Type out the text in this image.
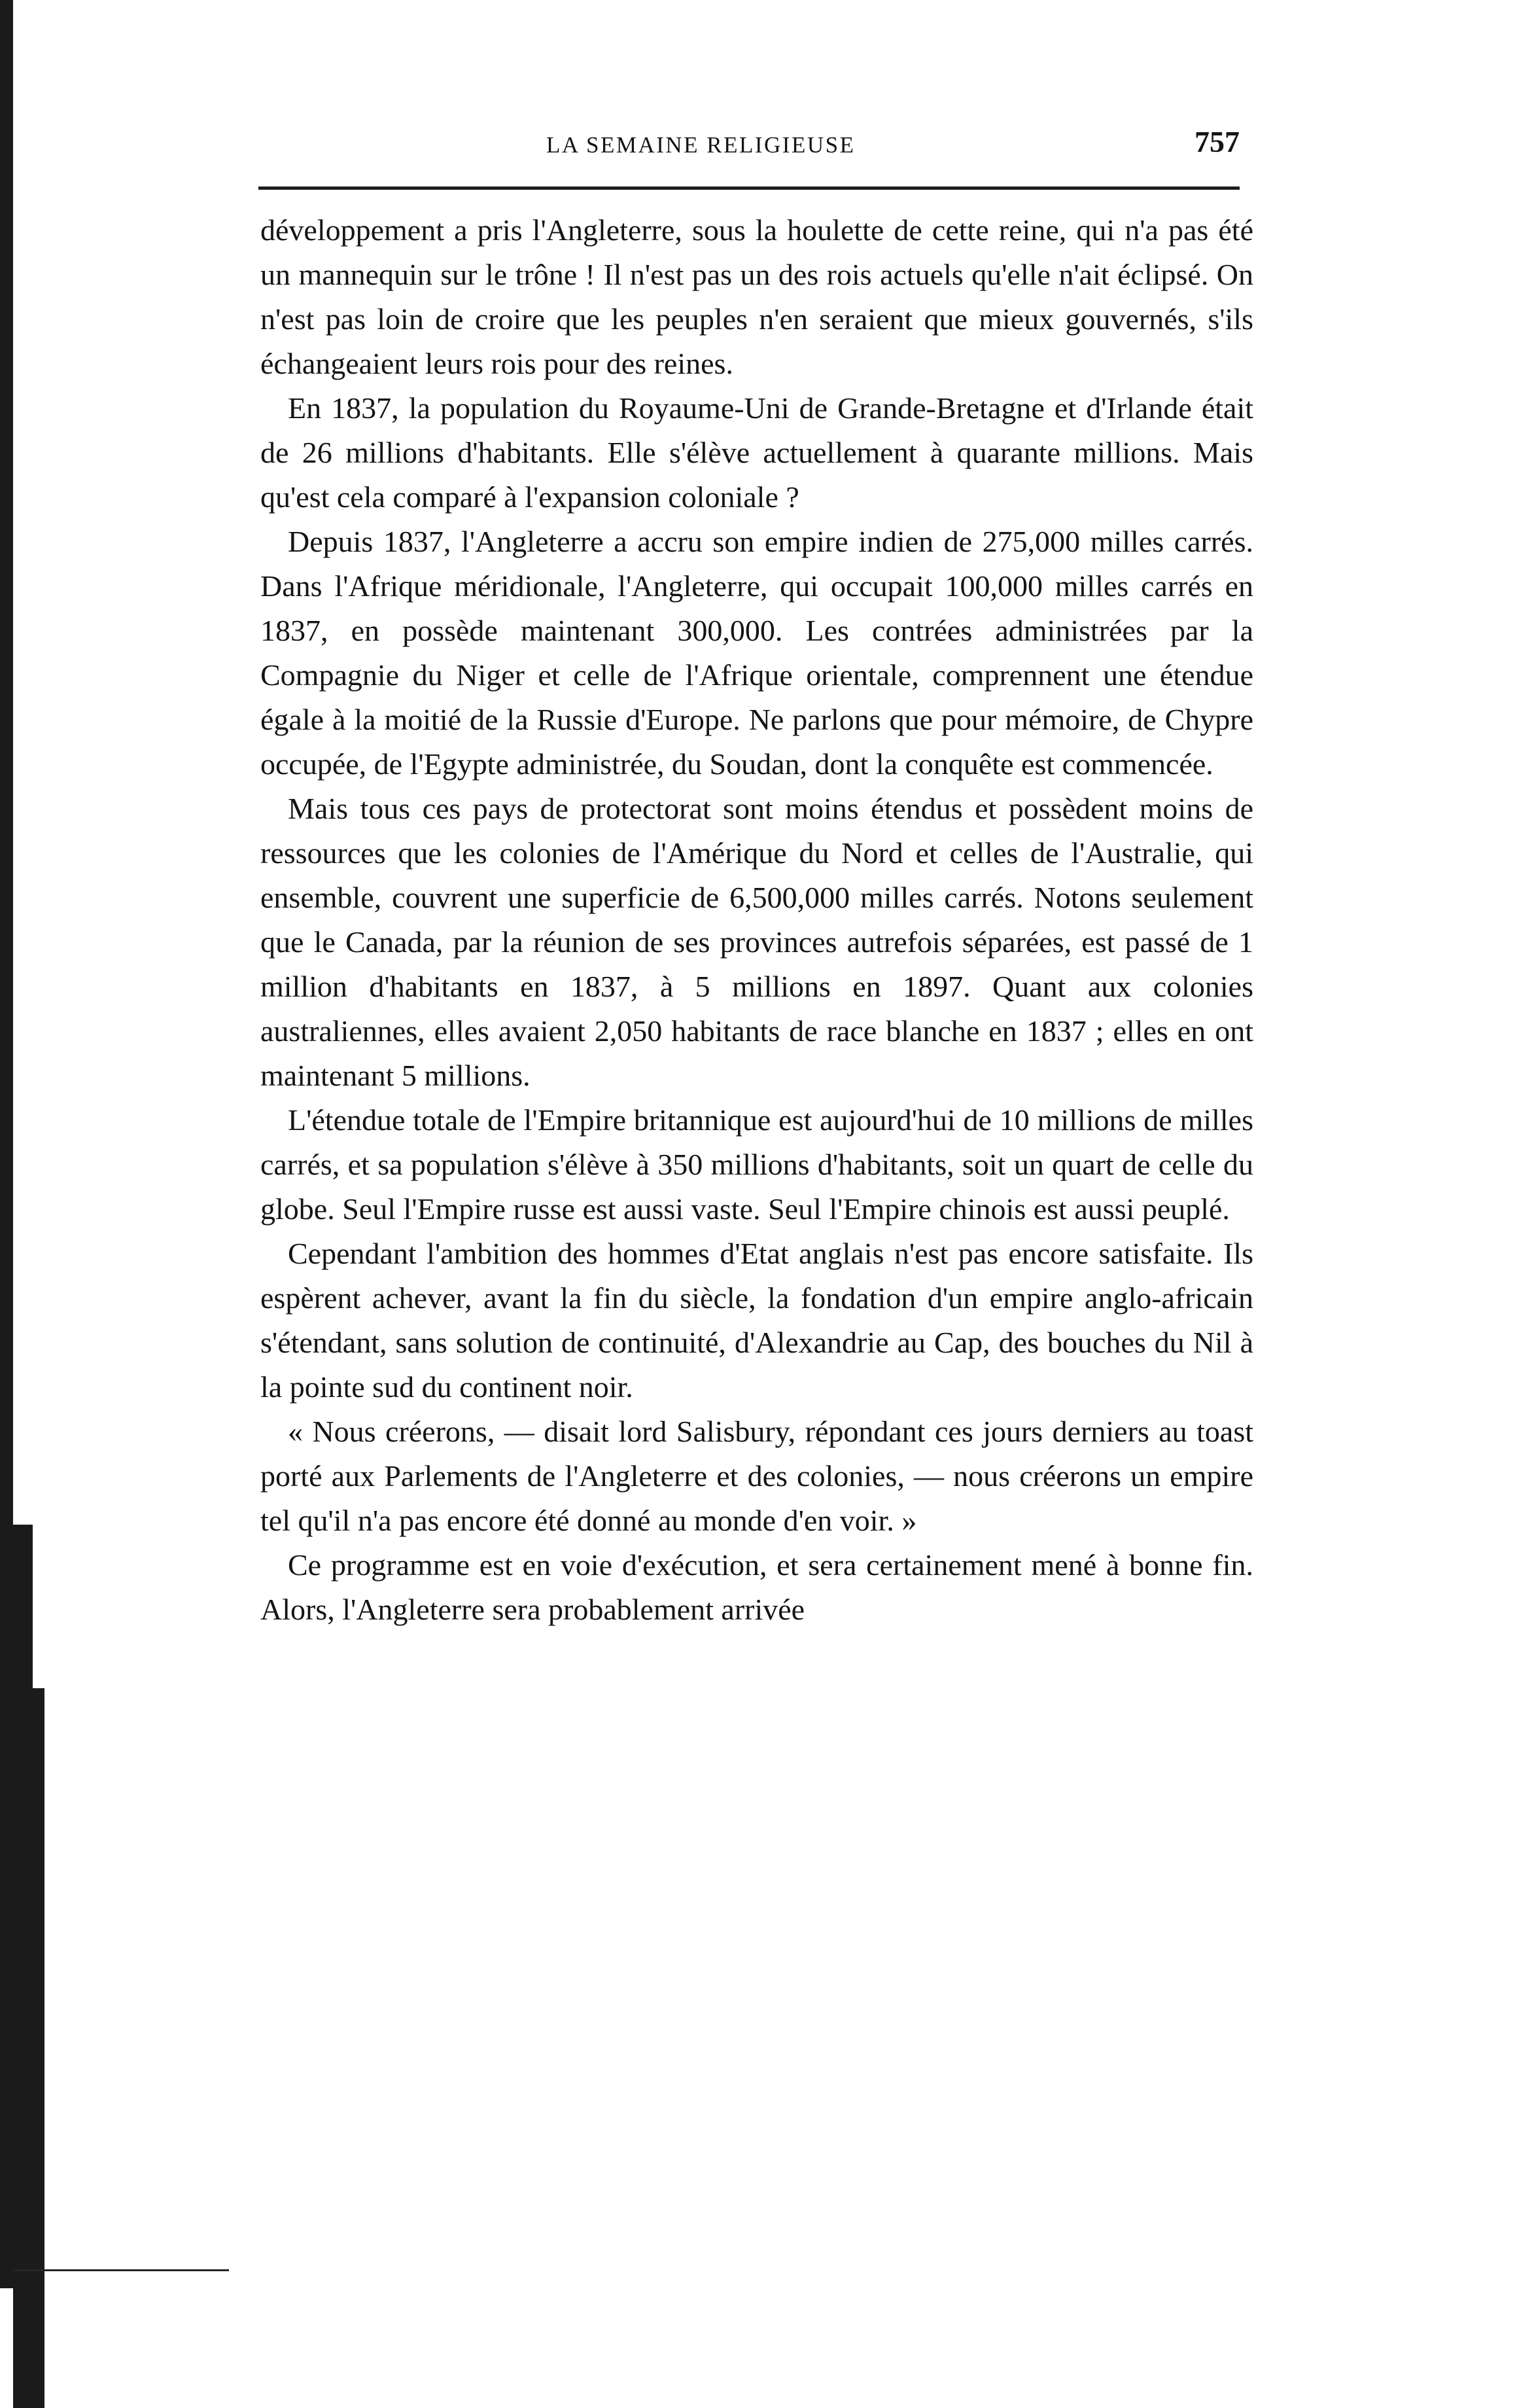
LA SEMAINE RELIGIEUSE	757

développement a pris l'Angleterre, sous la houlette de cette reine, qui n'a pas été un mannequin sur le trône ! Il n'est pas un des rois actuels qu'elle n'ait éclipsé. On n'est pas loin de croire que les peuples n'en seraient que mieux gouvernés, s'ils échangeaient leurs rois pour des reines.

En 1837, la population du Royaume-Uni de Grande-Bretagne et d'Irlande était de 26 millions d'habitants. Elle s'élève actuellement à quarante millions. Mais qu'est cela comparé à l'expansion coloniale ?

Depuis 1837, l'Angleterre a accru son empire indien de 275,000 milles carrés. Dans l'Afrique méridionale, l'Angleterre, qui occupait 100,000 milles carrés en 1837, en possède maintenant 300,000. Les contrées administrées par la Compagnie du Niger et celle de l'Afrique orientale, comprennent une étendue égale à la moitié de la Russie d'Europe. Ne parlons que pour mémoire, de Chypre occupée, de l'Egypte administrée, du Soudan, dont la conquête est commencée.

Mais tous ces pays de protectorat sont moins étendus et possèdent moins de ressources que les colonies de l'Amérique du Nord et celles de l'Australie, qui ensemble, couvrent une superficie de 6,500,000 milles carrés. Notons seulement que le Canada, par la réunion de ses provinces autrefois séparées, est passé de 1 million d'habitants en 1837, à 5 millions en 1897. Quant aux colonies australiennes, elles avaient 2,050 habitants de race blanche en 1837 ; elles en ont maintenant 5 millions.

L'étendue totale de l'Empire britannique est aujourd'hui de 10 millions de milles carrés, et sa population s'élève à 350 millions d'habitants, soit un quart de celle du globe. Seul l'Empire russe est aussi vaste. Seul l'Empire chinois est aussi peuplé.

Cependant l'ambition des hommes d'Etat anglais n'est pas encore satisfaite. Ils espèrent achever, avant la fin du siècle, la fondation d'un empire anglo-africain s'étendant, sans solution de continuité, d'Alexandrie au Cap, des bouches du Nil à la pointe sud du continent noir.

« Nous créerons, — disait lord Salisbury, répondant ces jours derniers au toast porté aux Parlements de l'Angleterre et des colonies, — nous créerons un empire tel qu'il n'a pas encore été donné au monde d'en voir. »

Ce programme est en voie d'exécution, et sera certainement mené à bonne fin. Alors, l'Angleterre sera probablement arrivée
